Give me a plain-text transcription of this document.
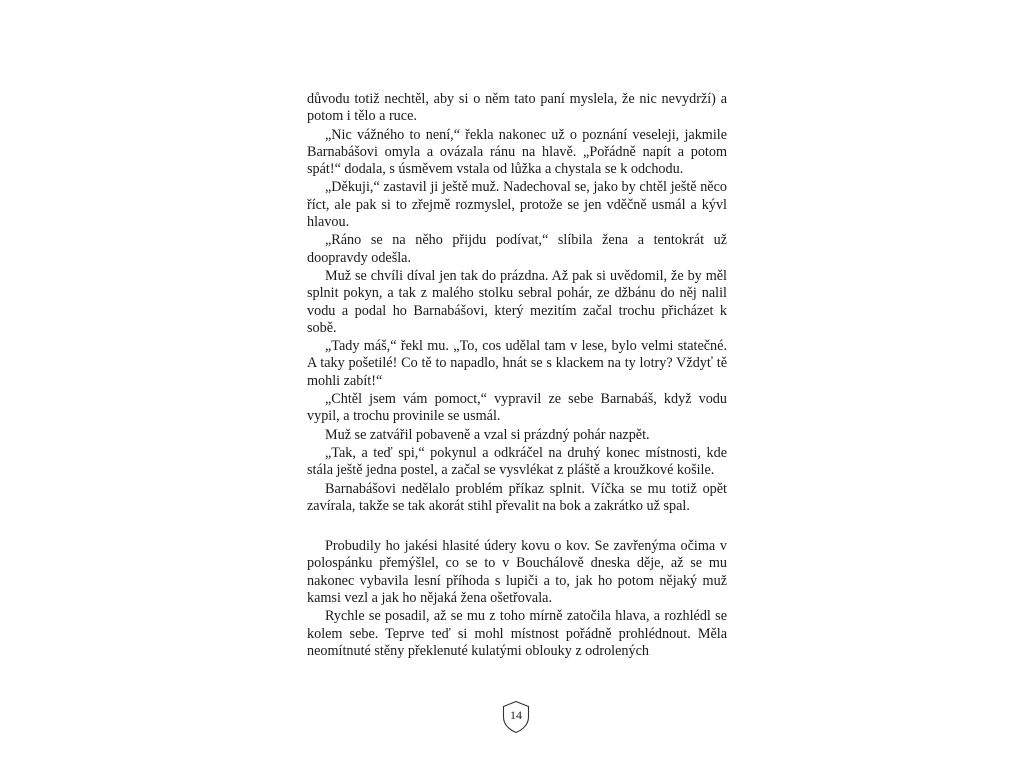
důvodu totiž nechtěl, aby si o něm tato paní myslela, že nic nevydrží) a potom i tělo a ruce.

„Nic vážného to není,“ řekla nakonec už o poznání veseleji, jakmile Barnabášovi omyla a ovázala ránu na hlavě. „Pořádně napít a potom spát!“ dodala, s úsměvem vstala od lůžka a chystala se k odchodu.

„Děkuji,“ zastavil ji ještě muž. Nadechoval se, jako by chtěl ještě něco říct, ale pak si to zřejmě rozmyslel, protože se jen vděčně usmál a kývl hlavou.

„Ráno se na něho přijdu podívat,“ slíbila žena a tentokrát už doopravdy odešla.

Muž se chvíli díval jen tak do prázdna. Až pak si uvědomil, že by měl splnit pokyn, a tak z malého stolku sebral pohár, ze džbánu do něj nalil vodu a podal ho Barnabášovi, který mezitím začal trochu přicházet k sobě.

„Tady máš,“ řekl mu. „To, cos udělal tam v lese, bylo velmi statečné. A taky pošetilé! Co tě to napadlo, hnát se s klackem na ty lotry? Vždyť tě mohli zabít!“

„Chtěl jsem vám pomoct,“ vypravil ze sebe Barnabáš, když vodu vypil, a trochu provinile se usmál.

Muž se zatvářil pobaveně a vzal si prázdný pohár nazpět.

„Tak, a teď spi,“ pokynul a odkráčel na druhý konec místnosti, kde stála ještě jedna postel, a začal se vysvlékat z pláště a kroužkové košile.

Barnabášovi nedělalo problém příkaz splnit. Víčka se mu totiž opět zavírala, takže se tak akorát stihl převalit na bok a zakrátko už spal.

Probudily ho jakési hlasité údery kovu o kov. Se zavřenýma očima v polospánku přemýšlel, co se to v Bouchálově dneska děje, až se mu nakonec vybavila lesní příhoda s lupiči a to, jak ho potom nějaký muž kamsi vezl a jak ho nějaká žena ošetřovala.

Rychle se posadil, až se mu z toho mírně zatočila hlava, a rozhlédl se kolem sebe. Teprve teď si mohl místnost pořádně prohlédnout. Měla neomítnuté stěny překlenuté kulatými oblouky z odrolených

14
